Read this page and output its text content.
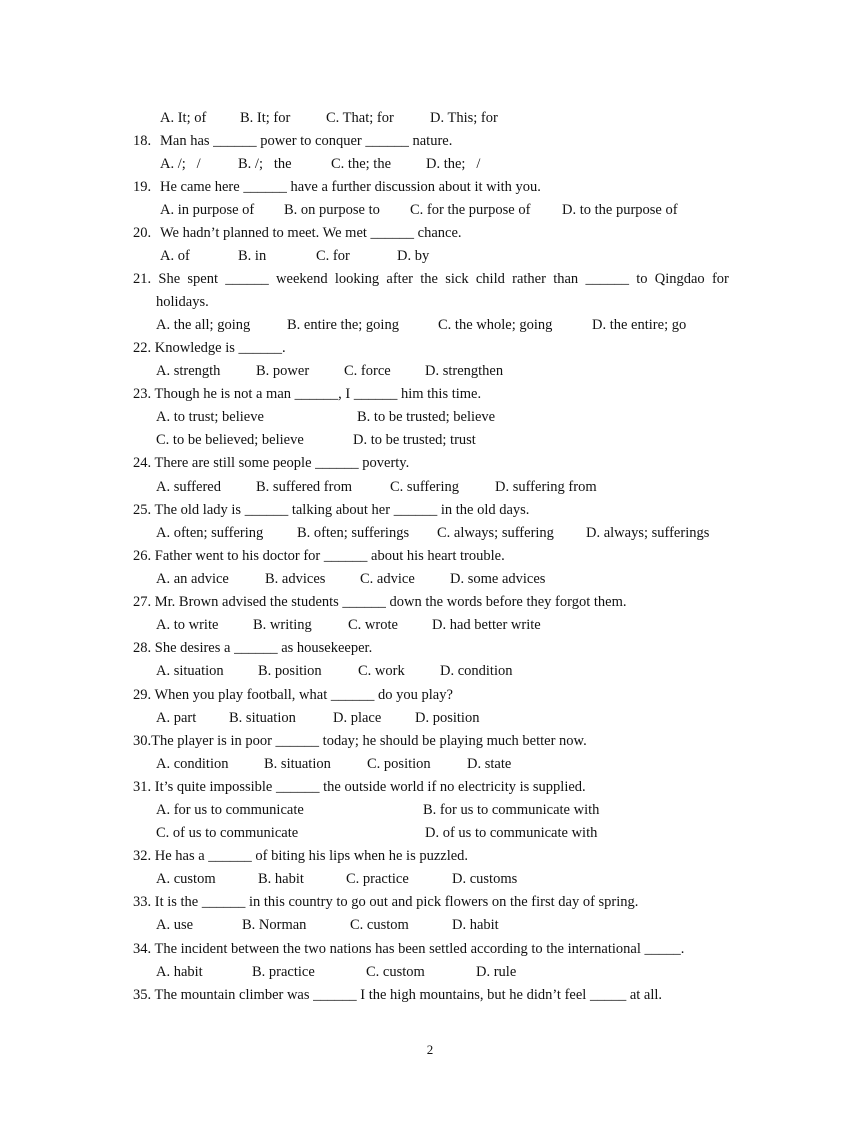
A. It; of B. It; for C. That; for D. This; for
18. Man has ______ power to conquer ______ nature.
A. /;   /	B. /;   the	C. the; the D. the;   /
19. He came here ______ have a further discussion about it with you.
A. in purpose of B. on purpose to C. for the purpose of D. to the purpose of
20. We hadn’t planned to meet. We met ______ chance.
A. of	B. in	C. for	D. by
21. She spent ______ weekend looking after the sick child rather than ______ to Qingdao for
holidays.
A. the all; going	B. entire the; going	C. the whole; going	D. the entire; go
22. Knowledge is ______.
A. strength B. power C. force D. strengthen
23. Though he is not a man ______, I ______ him this time.
A. to trust; believe	B. to be trusted; believe
C. to be believed; believe	D. to be trusted; trust
24. There are still some people ______ poverty.
A. suffered B. suffered from	C. suffering D. suffering from
25. The old lady is ______ talking about her ______ in the old days.
A. often; suffering B. often; sufferings C. always; suffering D. always; sufferings
26. Father went to his doctor for ______ about his heart trouble.
A. an advice B. advices C. advice D. some advices
27. Mr. Brown advised the students ______ down the words before they forgot them.
A. to write B. writing C. wrote D. had better write
28. She desires a ______ as housekeeper.
A. situation B. position	C. work D. condition
29. When you play football, what ______ do you play?
A. part B. situation	D. place D. position
30.The player is in poor ______ today; he should be playing much better now.
A. condition B. situation C. position	D. state
31. It’s quite impossible ______ the outside world if no electricity is supplied.
A. for us to communicate	B. for us to communicate with
C. of us to communicate	D. of us to communicate with
32. He has a ______ of biting his lips when he is puzzled.
A. custom	B. habit	C. practice	D. customs
33. It is the ______ in this country to go out and pick flowers on the first day of spring.
A. use	B. Norman	C. custom	D. habit
34. The incident between the two nations has been settled according to the international _____.
A. habit	B. practice	C. custom	D. rule
35. The mountain climber was ______ I the high mountains, but he didn’t feel _____ at all.
2
